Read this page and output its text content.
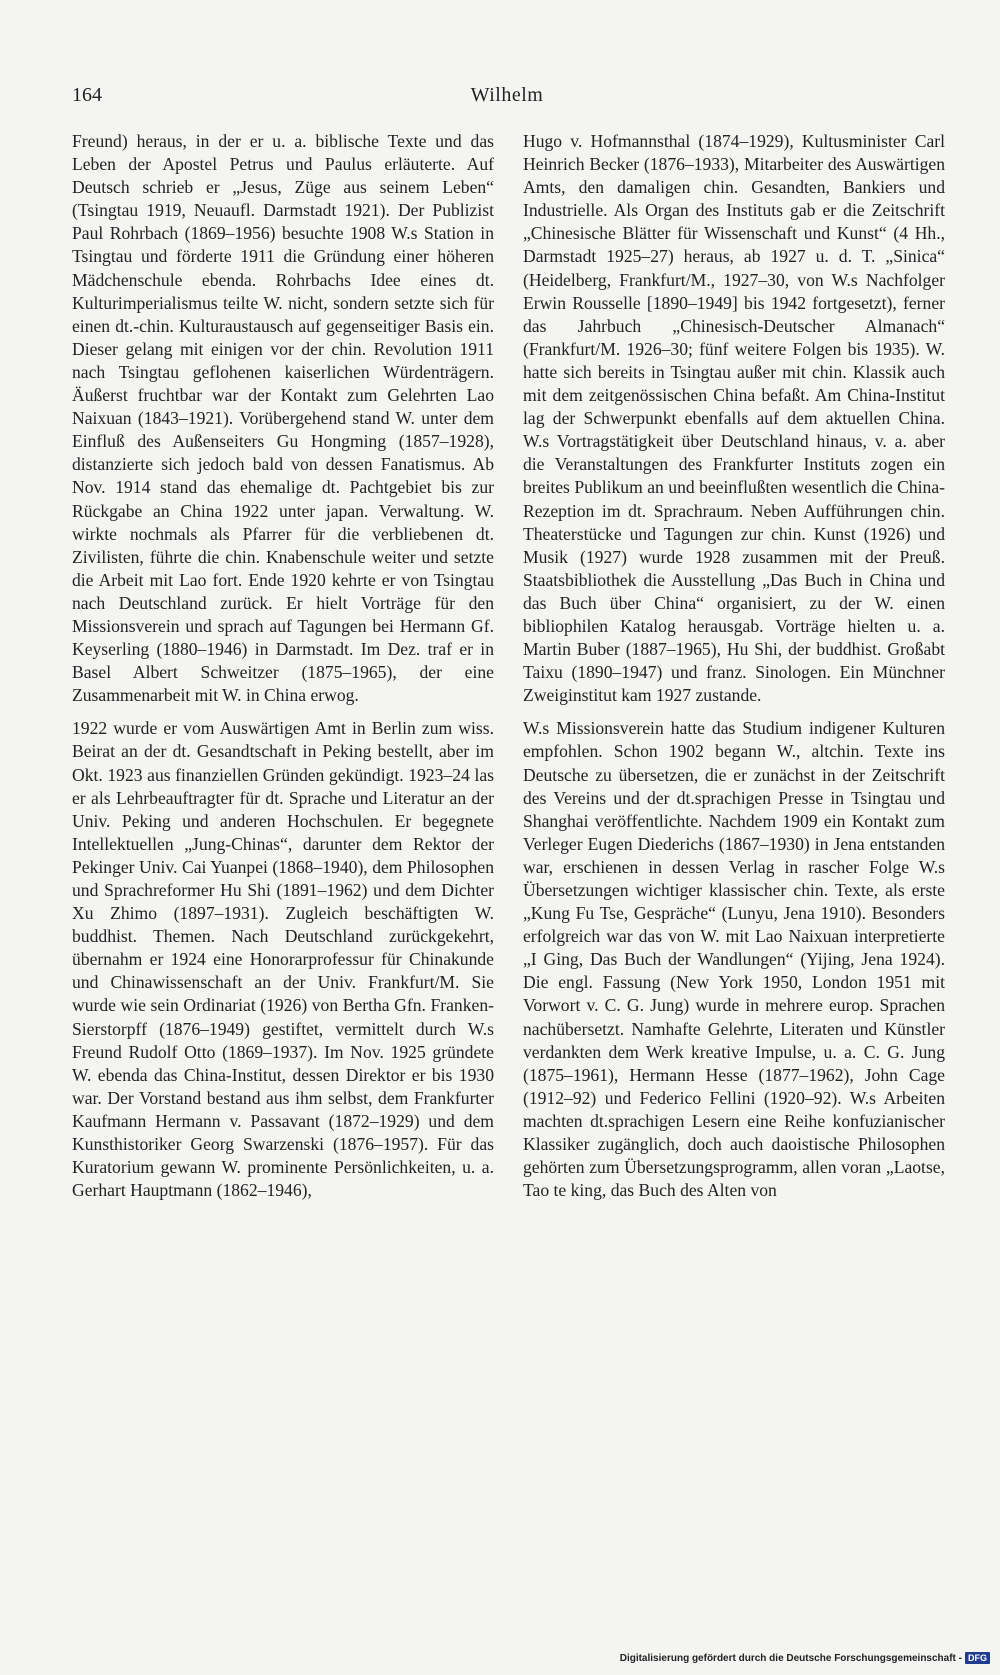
164	Wilhelm

Freund) heraus, in der er u. a. biblische Texte und das Leben der Apostel Petrus und Paulus erläuterte. Auf Deutsch schrieb er „Jesus, Züge aus seinem Leben“ (Tsingtau 1919, Neuaufl. Darmstadt 1921). Der Publizist Paul Rohrbach (1869–1956) besuchte 1908 W.s Station in Tsingtau und förderte 1911 die Gründung einer höheren Mädchenschule ebenda. Rohrbachs Idee eines dt. Kulturimperialismus teilte W. nicht, sondern setzte sich für einen dt.-chin. Kulturaustausch auf gegenseitiger Basis ein. Dieser gelang mit einigen vor der chin. Revolution 1911 nach Tsingtau geflohenen kaiserlichen Würdenträgern. Äußerst fruchtbar war der Kontakt zum Gelehrten Lao Naixuan (1843–1921). Vorübergehend stand W. unter dem Einfluß des Außenseiters Gu Hongming (1857–1928), distanzierte sich jedoch bald von dessen Fanatismus. Ab Nov. 1914 stand das ehemalige dt. Pachtgebiet bis zur Rückgabe an China 1922 unter japan. Verwaltung. W. wirkte nochmals als Pfarrer für die verbliebenen dt. Zivilisten, führte die chin. Knabenschule weiter und setzte die Arbeit mit Lao fort. Ende 1920 kehrte er von Tsingtau nach Deutschland zurück. Er hielt Vorträge für den Missionsverein und sprach auf Tagungen bei Hermann Gf. Keyserling (1880–1946) in Darmstadt. Im Dez. traf er in Basel Albert Schweitzer (1875–1965), der eine Zusammenarbeit mit W. in China erwog.

1922 wurde er vom Auswärtigen Amt in Berlin zum wiss. Beirat an der dt. Gesandtschaft in Peking bestellt, aber im Okt. 1923 aus finanziellen Gründen gekündigt. 1923–24 las er als Lehrbeauftragter für dt. Sprache und Literatur an der Univ. Peking und anderen Hochschulen. Er begegnete Intellektuellen „Jung-Chinas“, darunter dem Rektor der Pekinger Univ. Cai Yuanpei (1868–1940), dem Philosophen und Sprachreformer Hu Shi (1891–1962) und dem Dichter Xu Zhimo (1897–1931). Zugleich beschäftigten W. buddhist. Themen. Nach Deutschland zurückgekehrt, übernahm er 1924 eine Honorarprofessur für Chinakunde und Chinawissenschaft an der Univ. Frankfurt/M. Sie wurde wie sein Ordinariat (1926) von Bertha Gfn. Franken-Sierstorpff (1876–1949) gestiftet, vermittelt durch W.s Freund Rudolf Otto (1869–1937). Im Nov. 1925 gründete W. ebenda das China-Institut, dessen Direktor er bis 1930 war. Der Vorstand bestand aus ihm selbst, dem Frankfurter Kaufmann Hermann v. Passavant (1872–1929) und dem Kunsthistoriker Georg Swarzenski (1876–1957). Für das Kuratorium gewann W. prominente Persönlichkeiten, u. a. Gerhart Hauptmann (1862–1946),

Hugo v. Hofmannsthal (1874–1929), Kultusminister Carl Heinrich Becker (1876–1933), Mitarbeiter des Auswärtigen Amts, den damaligen chin. Gesandten, Bankiers und Industrielle. Als Organ des Instituts gab er die Zeitschrift „Chinesische Blätter für Wissenschaft und Kunst“ (4 Hh., Darmstadt 1925–27) heraus, ab 1927 u. d. T. „Sinica“ (Heidelberg, Frankfurt/M., 1927–30, von W.s Nachfolger Erwin Rousselle [1890–1949] bis 1942 fortgesetzt), ferner das Jahrbuch „Chinesisch-Deutscher Almanach“ (Frankfurt/M. 1926–30; fünf weitere Folgen bis 1935). W. hatte sich bereits in Tsingtau außer mit chin. Klassik auch mit dem zeitgenössischen China befaßt. Am China-Institut lag der Schwerpunkt ebenfalls auf dem aktuellen China. W.s Vortragstätigkeit über Deutschland hinaus, v. a. aber die Veranstaltungen des Frankfurter Instituts zogen ein breites Publikum an und beeinflußten wesentlich die China-Rezeption im dt. Sprachraum. Neben Aufführungen chin. Theaterstücke und Tagungen zur chin. Kunst (1926) und Musik (1927) wurde 1928 zusammen mit der Preuß. Staatsbibliothek die Ausstellung „Das Buch in China und das Buch über China“ organisiert, zu der W. einen bibliophilen Katalog herausgab. Vorträge hielten u. a. Martin Buber (1887–1965), Hu Shi, der buddhist. Großabt Taixu (1890–1947) und franz. Sinologen. Ein Münchner Zweiginstitut kam 1927 zustande.

W.s Missionsverein hatte das Studium indigener Kulturen empfohlen. Schon 1902 begann W., altchin. Texte ins Deutsche zu übersetzen, die er zunächst in der Zeitschrift des Vereins und der dt.sprachigen Presse in Tsingtau und Shanghai veröffentlichte. Nachdem 1909 ein Kontakt zum Verleger Eugen Diederichs (1867–1930) in Jena entstanden war, erschienen in dessen Verlag in rascher Folge W.s Übersetzungen wichtiger klassischer chin. Texte, als erste „Kung Fu Tse, Gespräche“ (Lunyu, Jena 1910). Besonders erfolgreich war das von W. mit Lao Naixuan interpretierte „I Ging, Das Buch der Wandlungen“ (Yijing, Jena 1924). Die engl. Fassung (New York 1950, London 1951 mit Vorwort v. C. G. Jung) wurde in mehrere europ. Sprachen nachübersetzt. Namhafte Gelehrte, Literaten und Künstler verdankten dem Werk kreative Impulse, u. a. C. G. Jung (1875–1961), Hermann Hesse (1877–1962), John Cage (1912–92) und Federico Fellini (1920–92). W.s Arbeiten machten dt.sprachigen Lesern eine Reihe konfuzianischer Klassiker zugänglich, doch auch daoistische Philosophen gehörten zum Übersetzungsprogramm, allen voran „Laotse, Tao te king, das Buch des Alten von

Digitalisierung gefördert durch die Deutsche Forschungsgemeinschaft - DFG
